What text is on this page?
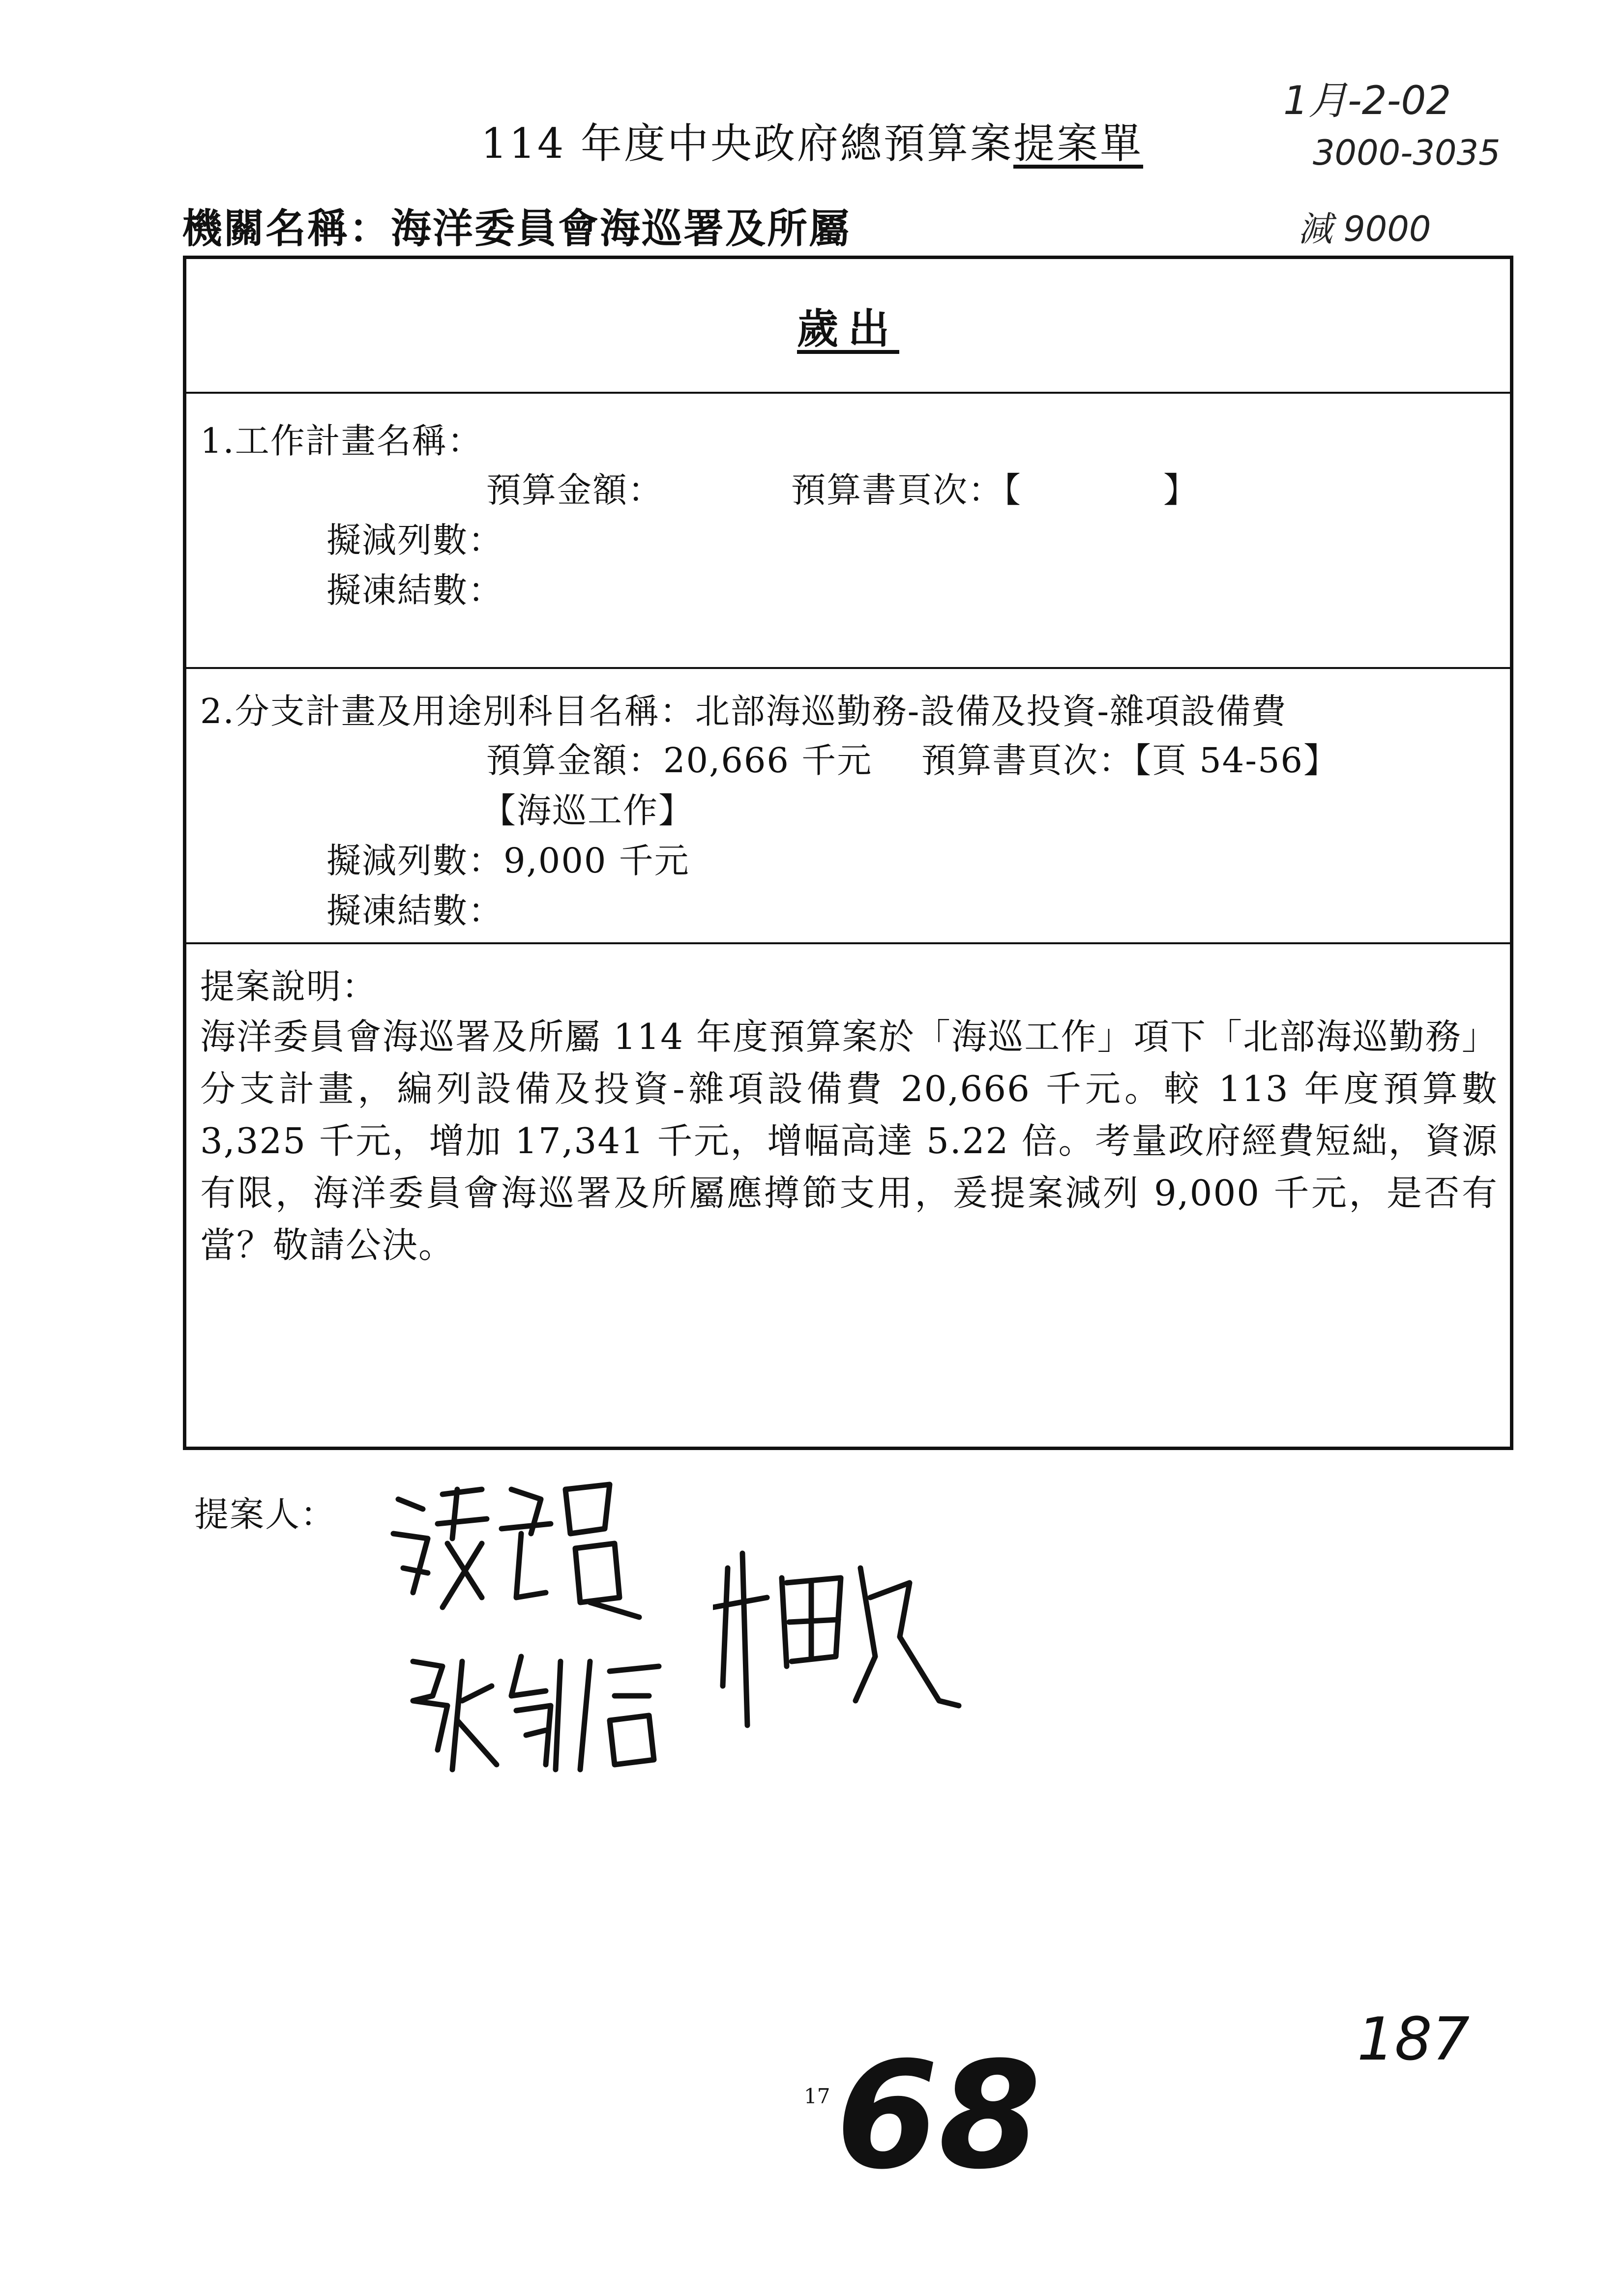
114 年度中央政府總預算案提案單
1月-2-02
3000-3035
減 9000
機關名稱：海洋委員會海巡署及所屬
歲出
1.工作計畫名稱：
預算金額：	預算書頁次：【　　　　】
擬減列數：
擬凍結數：
2.分支計畫及用途別科目名稱：北部海巡勤務-設備及投資-雜項設備費
預算金額：20,666 千元 預算書頁次：【頁 54-56】
【海巡工作】
擬減列數：9,000 千元
擬凍結數：
提案說明：
海洋委員會海巡署及所屬 114 年度預算案於「海巡工作」項下「北部海巡勤務」分支計畫，編列設備及投資-雜項設備費 20,666 千元。較 113 年度預算數 3,325 千元，增加 17,341 千元，增幅高達 5.22 倍。考量政府經費短絀，資源有限，海洋委員會海巡署及所屬應撙節支用，爰提案減列 9,000 千元，是否有當？敬請公決。
提案人：
17 68	187
